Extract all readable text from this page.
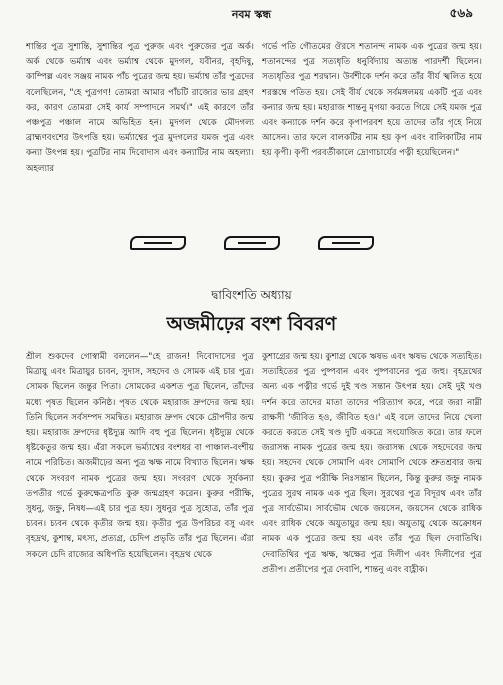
নবম স্কন্ধ	৫৬৯

শান্তির পুত্র সুশান্তি, সুশান্তির পুত্র পুরুজ এবং পুরুজের পুত্র অর্ক। অর্ক থেকে ভর্ম্যাশ্ব এবং ভর্ম্যাশ্ব থেকে মুদগল, যবীনর, বৃহদিষু, কাম্পিল্ল এবং সঞ্জয় নামক পাঁচ পুত্রের জন্ম হয়। ভর্ম্যাশ্ব তাঁর পুত্রদের বলেছিলেন, "হে পুত্রগণ! তোমরা আমার পাঁচটি রাজ্যের ভার গ্রহণ কর, কারণ তোমরা সেই কার্য সম্পাদনে সমর্থ।" এই কারণে তাঁর পঞ্চপুত্র পঞ্চাল নামে অভিহিত হন। মুদগল থেকে মৌদগল্য ব্রাহ্মণবংশের উৎপত্তি হয়। ভর্ম্যাশ্বের পুত্র মুদগলের যমজ পুত্র এবং কন্যা উৎপন্ন হয়। পুত্রটির নাম দিবোদাস এবং কন্যাটির নাম অহল্যা। অহল্যার

গর্ভে পতি গৌতমের ঔরসে শতানন্দ নামক এক পুত্রের জন্ম হয়। শতানন্দের পুত্র সত্যধৃতি ধনুর্বিদ্যায় অত্যন্ত পারদর্শী ছিলেন। সত্যধৃতির পুত্র শরদ্বান। উর্বশীকে দর্শন করে তাঁর বীর্য স্খলিত হয়ে শরস্তম্বে পতিত হয়। সেই বীর্য থেকে সর্বমঙ্গলময় একটি পুত্র এবং কন্যার জন্ম হয়। মহারাজ শান্তনু মৃগয়া করতে গিয়ে সেই যমজ পুত্র এবং কন্যাকে দর্শন করে কৃপাপরবশ হয়ে তাদের তাঁর গৃহে নিয়ে আসেন। তার ফলে বালকটির নাম হয় কৃপ এবং বালিকাটির নাম হয় কৃপী। কৃপী পরবর্তীকালে দ্রোণাচার্যের পত্নী হয়েছিলেন।"

দ্বাবিংশতি অধ্যায়
অজমীঢ়ের বংশ বিবরণ

শ্রীল শুকদেব গোস্বামী বললেন—"হে রাজন! দিবোদাসের পুত্র মিত্রায়ু এবং মিত্রায়ুর চ্যবন, সুদাস, সহদেব ও সোমক এই চার পুত্র। সোমক ছিলেন জন্তুর পিতা। সোমকের একশত পুত্র ছিলেন, তাঁদের মধ্যে পৃষত ছিলেন কনিষ্ঠ। পৃষত থেকে মহারাজ দ্রুপদের জন্ম হয়। তিনি ছিলেন সর্বসম্পদ সমন্বিত। মহারাজ দ্রুপদ থেকে দ্রৌপদীর জন্ম হয়। মহারাজ দ্রুপদের ধৃষ্টদ্যুম্ন আদি বহু পুত্র ছিলেন। ধৃষ্টদ্যুম্ন থেকে ধৃষ্টকেতুর জন্ম হয়। এঁরা সকলে ভর্ম্যাশ্বের বংশধর বা পাঞ্চাল-বংশীয় নামে পরিচিত। অজমীঢ়ের অন্য পুত্র ঋক্ষ নামে বিখ্যাত ছিলেন। ঋক্ষ থেকে সংবরণ নামক পুত্রের জন্ম হয়। সংবরণ থেকে সূর্যকন্যা তপতীর গর্ভে কুরুক্ষেত্রপতি কুরু জন্মগ্রহণ করেন। কুরুর পরীক্ষি, সুধনু, জহ্নু, নিষধ—এই চার পুত্র হয়। সুধনুর পুত্র সুহোত্র, তাঁর পুত্র চ্যবন। চ্যবন থেকে কৃতীর জন্ম হয়। কৃতীর পুত্র উপরিচর বসু এবং বৃহদ্রথ, কুশাম্ব, মৎস্য, প্রত্যগ্র, চেদিপ প্রভৃতি তাঁর পুত্র ছিলেন। এঁরা সকলে চেদি রাজ্যের অধিপতি হয়েছিলেন। বৃহদ্রথ থেকে

কুশাগ্রের জন্ম হয়। কুশাগ্র থেকে ঋষভ এবং ঋষভ থেকে সত্যহিত। সত্যহিতের পুত্র পুষ্পবান এবং পুষ্পবানের পুত্র জহু। বৃহদ্রথের অন্য এক পত্নীর গর্ভে দুই খণ্ড সন্তান উৎপন্ন হয়। সেই দুই খণ্ড দর্শন করে তাদের মাতা তাদের পরিত্যাগ করে, পরে জরা নাম্নী রাক্ষসী 'জীবিত হও, জীবিত হও।' এই বলে তাদের নিয়ে খেলা করতে করতে সেই খণ্ড দুটি একত্রে সংযোজিত করে। তার ফলে জরাসন্ধ নামক পুত্রের জন্ম হয়। জরাসন্ধ থেকে সহদেবের জন্ম হয়। সহদেব থেকে সোমাপি এবং সোমাপি থেকে শ্রুতশ্রবার জন্ম হয়। কুরুর পুত্র পরীক্ষি নিঃসন্তান ছিলেন, কিন্তু কুরুর জহ্নু নামক পুত্রের সুরথ নামক এক পুত্র ছিল। সুরথের পুত্র বিদূরথ এবং তাঁর পুত্র সার্বভৌম। সার্বভৌম থেকে জয়সেন, জয়সেন থেকে রাধিক এবং রাধিক থেকে অযুতায়ুর জন্ম হয়। অযুতায়ু থেকে অক্রোধন নামক এক পুত্রের জন্ম হয় এবং তাঁর পুত্র ছিল দেবাতিথি। দেবাতিথির পুত্র ঋক্ষ, ঋক্ষের পুত্র দিলীপ এবং দিলীপের পুত্র প্রতীপ। প্রতীপের পুত্র দেবাপি, শান্তনু এবং বাহ্লীক।
